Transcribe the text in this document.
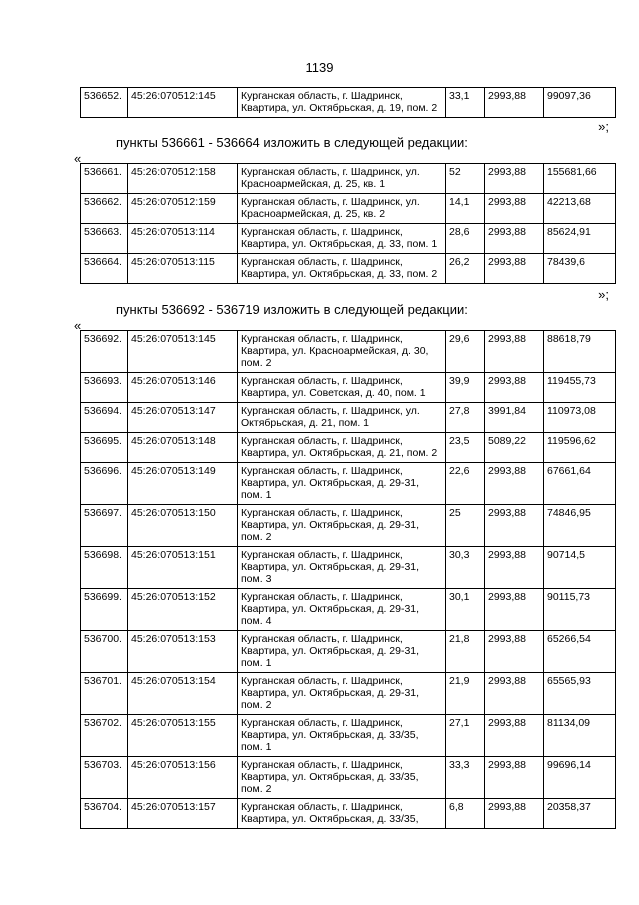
1139
536652.	45:26:070512:145	Курганская область, г. Шадринск, Квартира, ул. Октябрьская, д. 19, пом. 2	33,1	2993,88	99097,36
»;
пункты 536661 - 536664 изложить в следующей редакции:
«
536661.	45:26:070512:158	Курганская область, г. Шадринск, ул. Красноармейская, д. 25, кв. 1	52	2993,88	155681,66
536662.	45:26:070512:159	Курганская область, г. Шадринск, ул. Красноармейская, д. 25, кв. 2	14,1	2993,88	42213,68
536663.	45:26:070513:114	Курганская область, г. Шадринск, Квартира, ул. Октябрьская, д. 33, пом. 1	28,6	2993,88	85624,91
536664.	45:26:070513:115	Курганская область, г. Шадринск, Квартира, ул. Октябрьская, д. 33, пом. 2	26,2	2993,88	78439,6
»;
пункты 536692 - 536719 изложить в следующей редакции:
«
536692.	45:26:070513:145	Курганская область, г. Шадринск, Квартира, ул. Красноармейская, д. 30, пом. 2	29,6	2993,88	88618,79
536693.	45:26:070513:146	Курганская область, г. Шадринск, Квартира, ул. Советская, д. 40, пом. 1	39,9	2993,88	119455,73
536694.	45:26:070513:147	Курганская область, г. Шадринск, ул. Октябрьская, д. 21, пом. 1	27,8	3991,84	110973,08
536695.	45:26:070513:148	Курганская область, г. Шадринск, Квартира, ул. Октябрьская, д. 21, пом. 2	23,5	5089,22	119596,62
536696.	45:26:070513:149	Курганская область, г. Шадринск, Квартира, ул. Октябрьская, д. 29-31, пом. 1	22,6	2993,88	67661,64
536697.	45:26:070513:150	Курганская область, г. Шадринск, Квартира, ул. Октябрьская, д. 29-31, пом. 2	25	2993,88	74846,95
536698.	45:26:070513:151	Курганская область, г. Шадринск, Квартира, ул. Октябрьская, д. 29-31, пом. 3	30,3	2993,88	90714,5
536699.	45:26:070513:152	Курганская область, г. Шадринск, Квартира, ул. Октябрьская, д. 29-31, пом. 4	30,1	2993,88	90115,73
536700.	45:26:070513:153	Курганская область, г. Шадринск, Квартира, ул. Октябрьская, д. 29-31, пом. 1	21,8	2993,88	65266,54
536701.	45:26:070513:154	Курганская область, г. Шадринск, Квартира, ул. Октябрьская, д. 29-31, пом. 2	21,9	2993,88	65565,93
536702.	45:26:070513:155	Курганская область, г. Шадринск, Квартира, ул. Октябрьская, д. 33/35, пом. 1	27,1	2993,88	81134,09
536703.	45:26:070513:156	Курганская область, г. Шадринск, Квартира, ул. Октябрьская, д. 33/35, пом. 2	33,3	2993,88	99696,14
536704.	45:26:070513:157	Курганская область, г. Шадринск, Квартира, ул. Октябрьская, д. 33/35,	6,8	2993,88	20358,37
